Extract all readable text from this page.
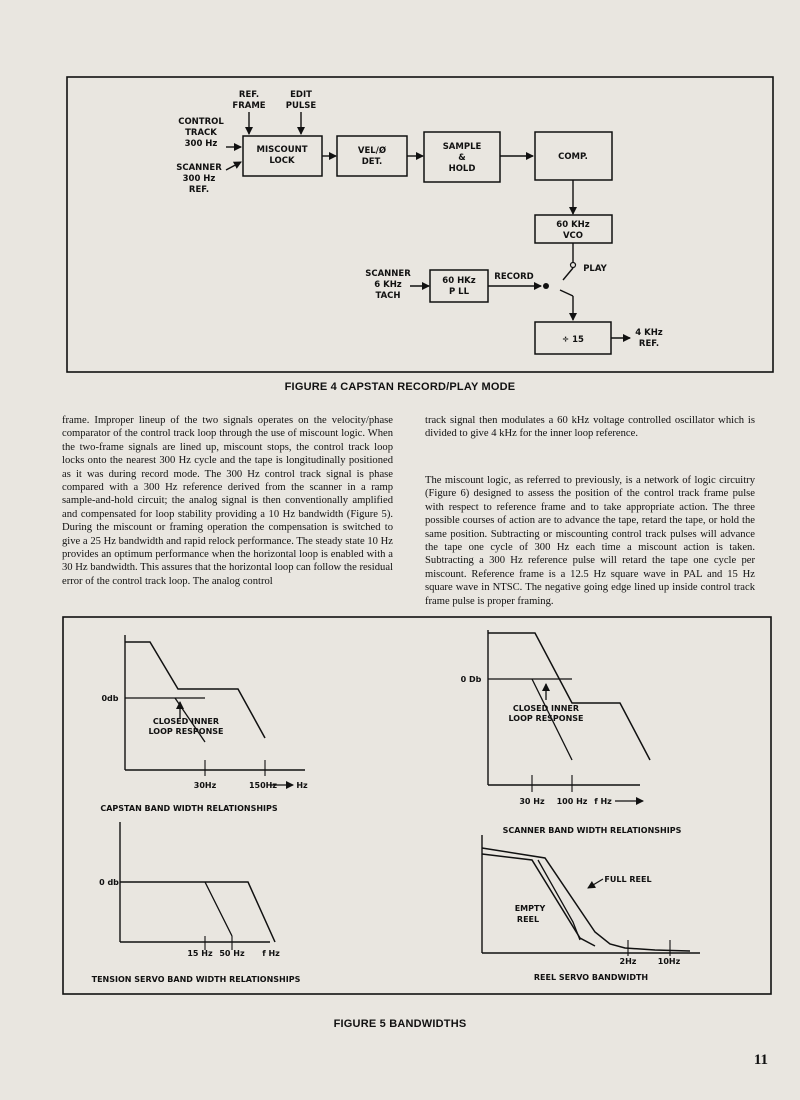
REF.
FRAME
EDIT
PULSE
CONTROL
TRACK
300 Hz
SCANNER
300 Hz
REF.
SCANNER
6 KHz
TACH
MISCOUNT
LOCK
VEL/Ø
DET.
SAMPLE
&
HOLD
COMP.
60 KHz
VCO
60 HKz
P LL
÷ 15
RECORD
PLAY
4 KHz
REF.
FIGURE 4 CAPSTAN RECORD/PLAY MODE
frame. Improper lineup of the two signals operates on the velocity/phase comparator of the control track loop through the use of miscount logic. When the two-frame signals are lined up, miscount stops, the control track loop locks onto the nearest 300 Hz cycle and the tape is longitudinally positioned as it was during record mode. The 300 Hz control track signal is phase compared with a 300 Hz reference derived from the scanner in a ramp sample-and-hold circuit; the analog signal is then conventionally amplified and compensated for loop stability providing a 10 Hz bandwidth (Figure 5). During the miscount or framing operation the compensation is switched to give a 25 Hz bandwidth and rapid relock performance. The steady state 10 Hz provides an optimum performance when the horizontal loop is enabled with a 30 Hz bandwidth. This assures that the horizontal loop can follow the residual error of the control track loop. The analog control
track signal then modulates a 60 kHz voltage controlled oscillator which is divided to give 4 kHz for the inner loop reference.
The miscount logic, as referred to previously, is a network of logic circuitry (Figure 6) designed to assess the position of the control track frame pulse with respect to reference frame and to take appropriate action. The three possible courses of action are to advance the tape, retard the tape, or hold the same position. Subtracting or miscounting control track pulses will advance the tape one cycle of 300 Hz each time a miscount action is taken. Subtracting a 300 Hz reference pulse will retard the tape one cycle per miscount. Reference frame is a 12.5 Hz square wave in PAL and 15 Hz square wave in NTSC. The negative going edge lined up inside control track frame pulse is proper framing.
0db
CLOSED INNER
LOOP RESPONSE
30Hz	150Hz Hz
CAPSTAN BAND WIDTH RELATIONSHIPS
0 Db
CLOSED INNER
LOOP RESPONSE
30 Hz 100 Hz f Hz
SCANNER BAND WIDTH RELATIONSHIPS
0 db
15 Hz 50 Hz f Hz
TENSION SERVO BAND WIDTH RELATIONSHIPS
FULL REEL
EMPTY
REEL
2Hz	10Hz
REEL SERVO BANDWIDTH
FIGURE 5 BANDWIDTHS
11
